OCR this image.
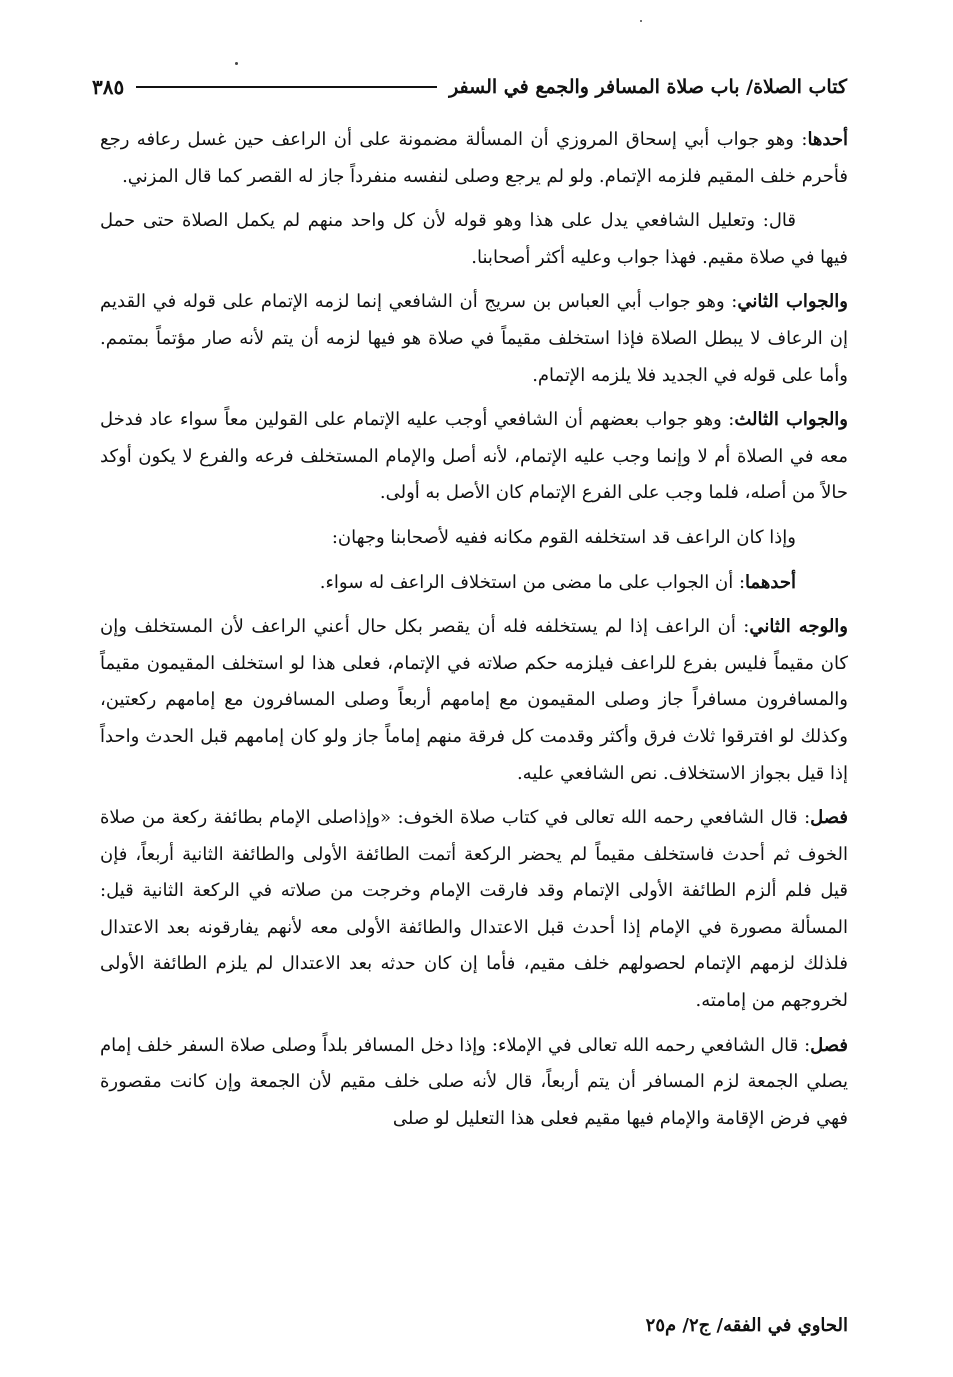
كتاب الصلاة/ باب صلاة المسافر والجمع في السفر
٣٨٥

أحدها: وهو جواب أبي إسحاق المروزي أن المسألة مضمونة على أن الراعف حين غسل رعافه رجع فأحرم خلف المقيم فلزمه الإتمام. ولو لم يرجع وصلى لنفسه منفرداً جاز له القصر كما قال المزني.

قال: وتعليل الشافعي يدل على هذا وهو قوله لأن كل واحد منهم لم يكمل الصلاة حتى حمل فيها في صلاة مقيم. فهذا جواب وعليه أكثر أصحابنا.

والجواب الثاني: وهو جواب أبي العباس بن سريج أن الشافعي إنما لزمه الإتمام على قوله في القديم إن الرعاف لا يبطل الصلاة فإذا استخلف مقيماً في صلاة هو فيها لزمه أن يتم لأنه صار مؤتماً بمتمم. وأما على قوله في الجديد فلا يلزمه الإتمام.

والجواب الثالث: وهو جواب بعضهم أن الشافعي أوجب عليه الإتمام على القولين معاً سواء عاد فدخل معه في الصلاة أم لا وإنما وجب عليه الإتمام، لأنه أصل والإمام المستخلف فرعه والفرع لا يكون أوكد حالاً من أصله، فلما وجب على الفرع الإتمام كان الأصل به أولى.

وإذا كان الراعف قد استخلفه القوم مكانه ففيه لأصحابنا وجهان:

أحدهما: أن الجواب على ما مضى من استخلاف الراعف له سواء.

والوجه الثاني: أن الراعف إذا لم يستخلفه فله أن يقصر بكل حال أعني الراعف لأن المستخلف وإن كان مقيماً فليس بفرع للراعف فيلزمه حكم صلاته في الإتمام، فعلى هذا لو استخلف المقيمون مقيماً والمسافرون مسافراً جاز وصلى المقيمون مع إمامهم أربعاً وصلى المسافرون مع إمامهم ركعتين، وكذلك لو افترقوا ثلاث فرق وأكثر وقدمت كل فرقة منهم إماماً جاز ولو كان إمامهم قبل الحدث واحداً إذا قيل بجواز الاستخلاف. نص الشافعي عليه.

فصل: قال الشافعي رحمه الله تعالى في كتاب صلاة الخوف: «وإذاصلى الإمام بطائفة ركعة من صلاة الخوف ثم أحدث فاستخلف مقيماً لم يحضر الركعة أتمت الطائفة الأولى والطائفة الثانية أربعاً، فإن قيل فلم ألزم الطائفة الأولى الإتمام وقد فارقت الإمام وخرجت من صلاته في الركعة الثانية قيل: المسألة مصورة في الإمام إذا أحدث قبل الاعتدال والطائفة الأولى معه لأنهم يفارقونه بعد الاعتدال فلذلك لزمهم الإتمام لحصولهم خلف مقيم، فأما إن كان حدثه بعد الاعتدال لم يلزم الطائفة الأولى لخروجهم من إمامته.

فصل: قال الشافعي رحمه الله تعالى في الإملاء: وإذا دخل المسافر بلداً وصلى صلاة السفر خلف إمام يصلي الجمعة لزم المسافر أن يتم أربعاً، قال لأنه صلى خلف مقيم لأن الجمعة وإن كانت مقصورة فهي فرض الإقامة والإمام فيها مقيم فعلى هذا التعليل لو صلى

الحاوي في الفقه/ ج٢/ م٢٥
